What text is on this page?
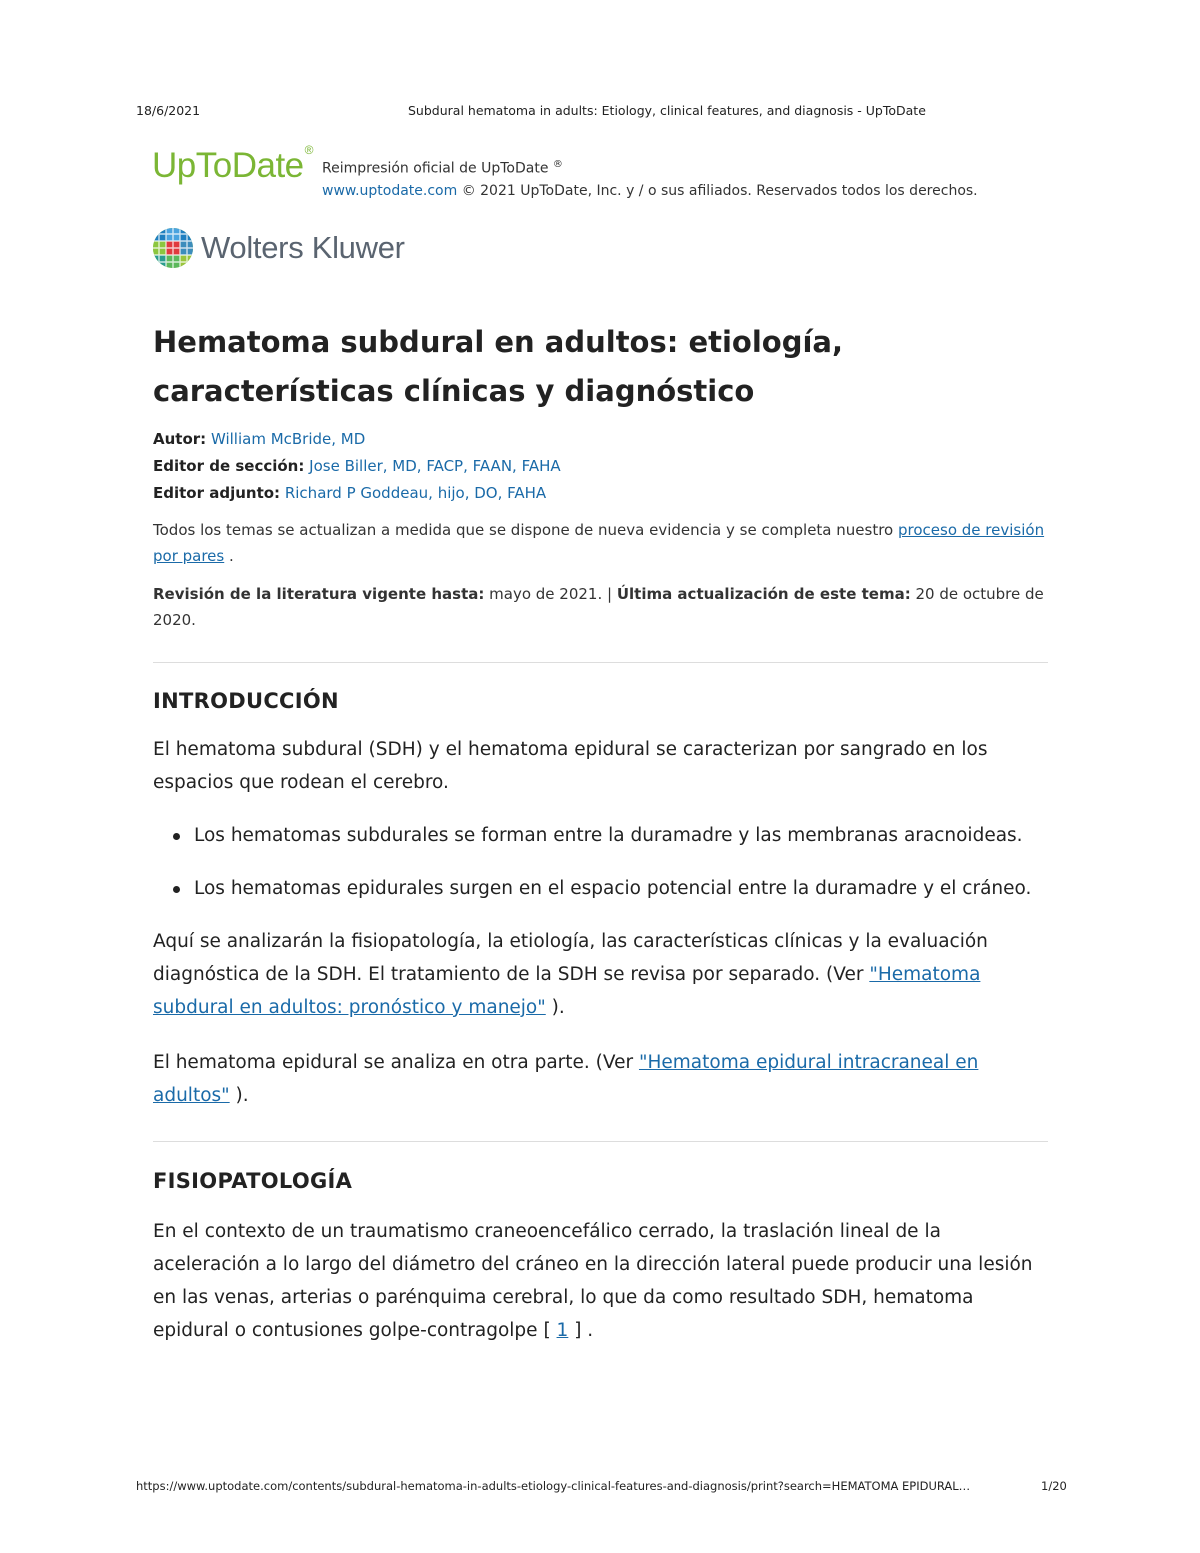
18/6/2021	Subdural hematoma in adults: Etiology, clinical features, and diagnosis - UpToDate
UpToDate®
Reimpresión oficial de UpToDate ®
www.uptodate.com © 2021 UpToDate, Inc. y / o sus afiliados. Reservados todos los derechos.
Wolters Kluwer
Hematoma subdural en adultos: etiología, características clínicas y diagnóstico
Autor: William McBride, MD
Editor de sección: Jose Biller, MD, FACP, FAAN, FAHA
Editor adjunto: Richard P Goddeau, hijo, DO, FAHA
Todos los temas se actualizan a medida que se dispone de nueva evidencia y se completa nuestro proceso de revisión por pares .
Revisión de la literatura vigente hasta: mayo de 2021. | Última actualización de este tema: 20 de octubre de 2020.
INTRODUCCIÓN

El hematoma subdural (SDH) y el hematoma epidural se caracterizan por sangrado en los espacios que rodean el cerebro.

Los hematomas subdurales se forman entre la duramadre y las membranas aracnoideas.
Los hematomas epidurales surgen en el espacio potencial entre la duramadre y el cráneo.

Aquí se analizarán la fisiopatología, la etiología, las características clínicas y la evaluación diagnóstica de la SDH. El tratamiento de la SDH se revisa por separado. (Ver "Hematoma subdural en adultos: pronóstico y manejo" ).

El hematoma epidural se analiza en otra parte. (Ver "Hematoma epidural intracraneal en adultos" ).

FISIOPATOLOGÍA

En el contexto de un traumatismo craneoencefálico cerrado, la traslación lineal de la aceleración a lo largo del diámetro del cráneo en la dirección lateral puede producir una lesión en las venas, arterias o parénquima cerebral, lo que da como resultado SDH, hematoma epidural o contusiones golpe-contragolpe [ 1 ] .

https://www.uptodate.com/contents/subdural-hematoma-in-adults-etiology-clinical-features-and-diagnosis/print?search=HEMATOMA EPIDURAL…	1/20
